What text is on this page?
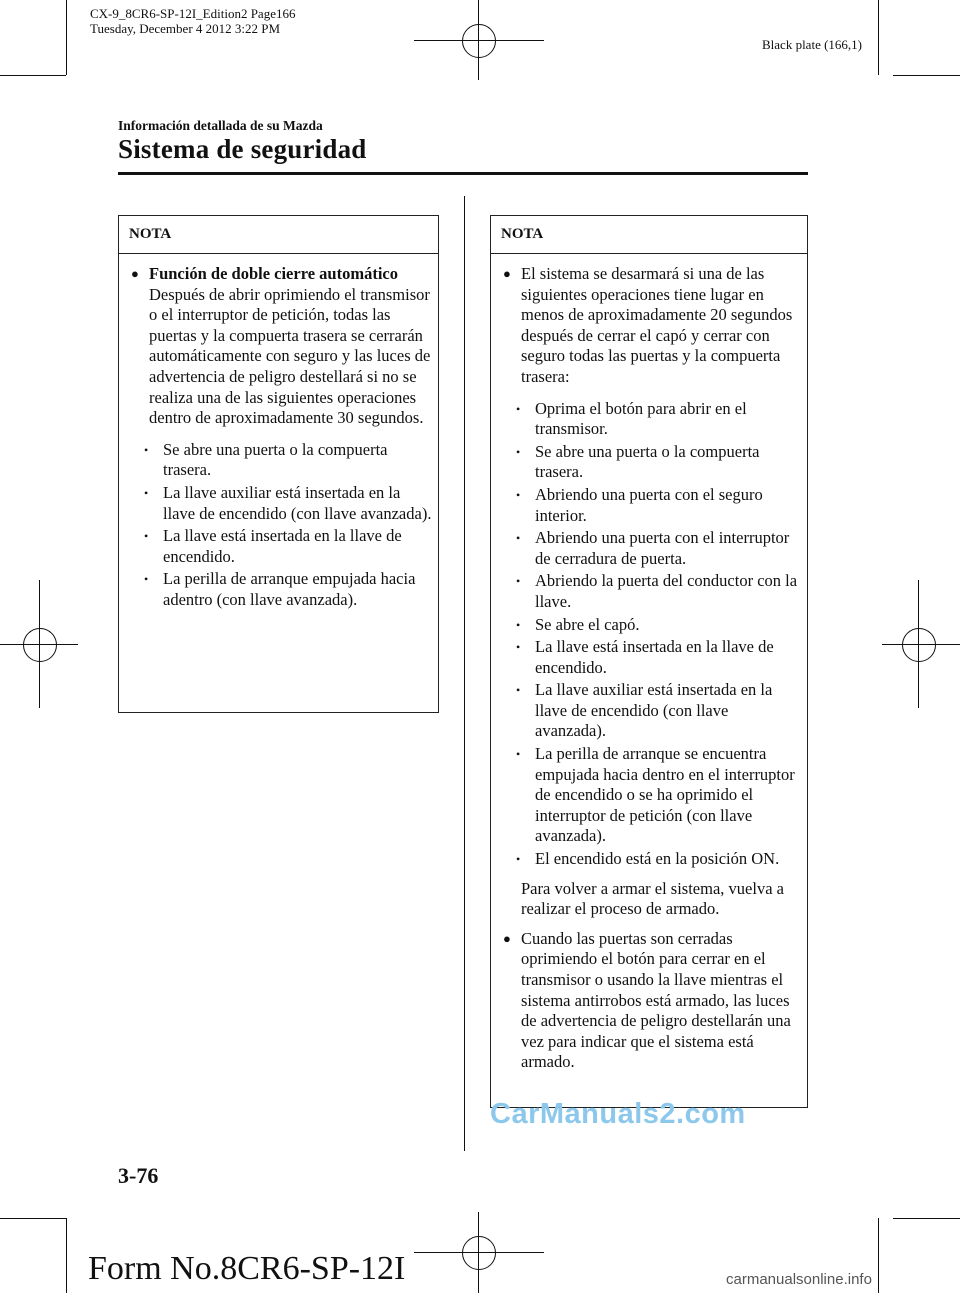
CX-9_8CR6-SP-12I_Edition2 Page166
Tuesday, December 4 2012 3:22 PM
Black plate (166,1)
Información detallada de su Mazda
Sistema de seguridad
NOTA
● Función de doble cierre automático
Después de abrir oprimiendo el transmisor o el interruptor de petición, todas las puertas y la compuerta trasera se cerrarán automáticamente con seguro y las luces de advertencia de peligro destellará si no se realiza una de las siguientes operaciones dentro de aproximadamente 30 segundos.
• Se abre una puerta o la compuerta trasera.
• La llave auxiliar está insertada en la llave de encendido (con llave avanzada).
• La llave está insertada en la llave de encendido.
• La perilla de arranque empujada hacia adentro (con llave avanzada).
NOTA
● El sistema se desarmará si una de las siguientes operaciones tiene lugar en menos de aproximadamente 20 segundos después de cerrar el capó y cerrar con seguro todas las puertas y la compuerta trasera:
• Oprima el botón para abrir en el transmisor.
• Se abre una puerta o la compuerta trasera.
• Abriendo una puerta con el seguro interior.
• Abriendo una puerta con el interruptor de cerradura de puerta.
• Abriendo la puerta del conductor con la llave.
• Se abre el capó.
• La llave está insertada en la llave de encendido.
• La llave auxiliar está insertada en la llave de encendido (con llave avanzada).
• La perilla de arranque se encuentra empujada hacia dentro en el interruptor de encendido o se ha oprimido el interruptor de petición (con llave avanzada).
• El encendido está en la posición ON.
Para volver a armar el sistema, vuelva a realizar el proceso de armado.
● Cuando las puertas son cerradas oprimiendo el botón para cerrar en el transmisor o usando la llave mientras el sistema antirrobos está armado, las luces de advertencia de peligro destellarán una vez para indicar que el sistema está armado.
CarManuals2.com
3-76
Form No.8CR6-SP-12I	carmanualsonline.info
